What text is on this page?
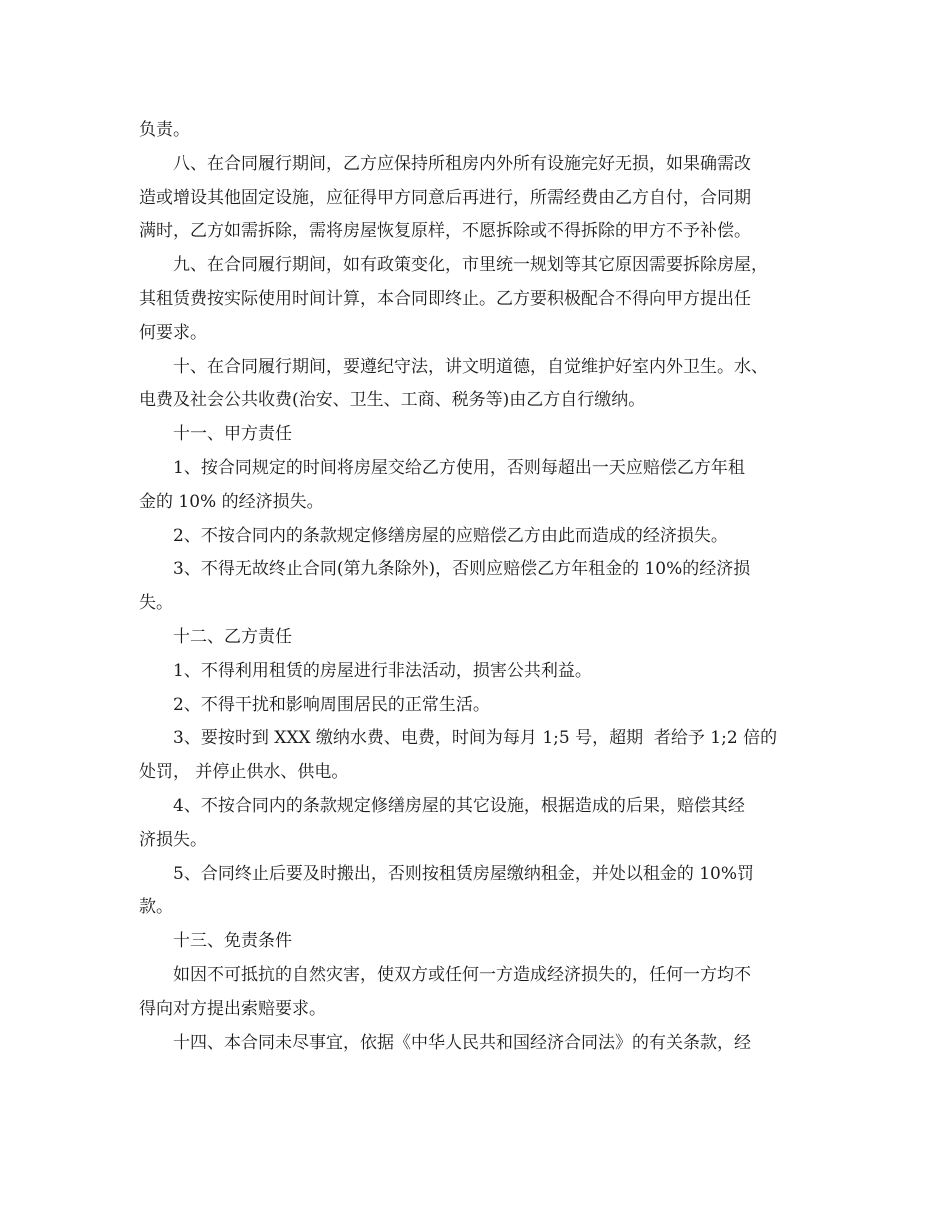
负责。
八、在合同履行期间，乙方应保持所租房内外所有设施完好无损，如果确需改
造或增设其他固定设施，应征得甲方同意后再进行，所需经费由乙方自付，合同期
满时，乙方如需拆除，需将房屋恢复原样，不愿拆除或不得拆除的甲方不予补偿。
九、在合同履行期间，如有政策变化，市里统一规划等其它原因需要拆除房屋，
其租赁费按实际使用时间计算，本合同即终止。乙方要积极配合不得向甲方提出任
何要求。
十、在合同履行期间，要遵纪守法，讲文明道德，自觉维护好室内外卫生。水、
电费及社会公共收费(治安、卫生、工商、税务等)由乙方自行缴纳。
十一、甲方责任
1、按合同规定的时间将房屋交给乙方使用，否则每超出一天应赔偿乙方年租
金的 10% 的经济损失。
2、不按合同内的条款规定修缮房屋的应赔偿乙方由此而造成的经济损失。
3、不得无故终止合同(第九条除外)，否则应赔偿乙方年租金的 10%的经济损
失。
十二、乙方责任
1、不得利用租赁的房屋进行非法活动，损害公共利益。
2、不得干扰和影响周围居民的正常生活。
3、要按时到 XXX 缴纳水费、电费，时间为每月 1;5 号，超期  者给予 1;2 倍的
处罚， 并停止供水、供电。
4、不按合同内的条款规定修缮房屋的其它设施，根据造成的后果，赔偿其经
济损失。
5、合同终止后要及时搬出，否则按租赁房屋缴纳租金，并处以租金的 10%罚
款。
十三、免责条件
如因不可抵抗的自然灾害，使双方或任何一方造成经济损失的，任何一方均不
得向对方提出索赔要求。
十四、本合同未尽事宜，依据《中华人民共和国经济合同法》的有关条款，经
